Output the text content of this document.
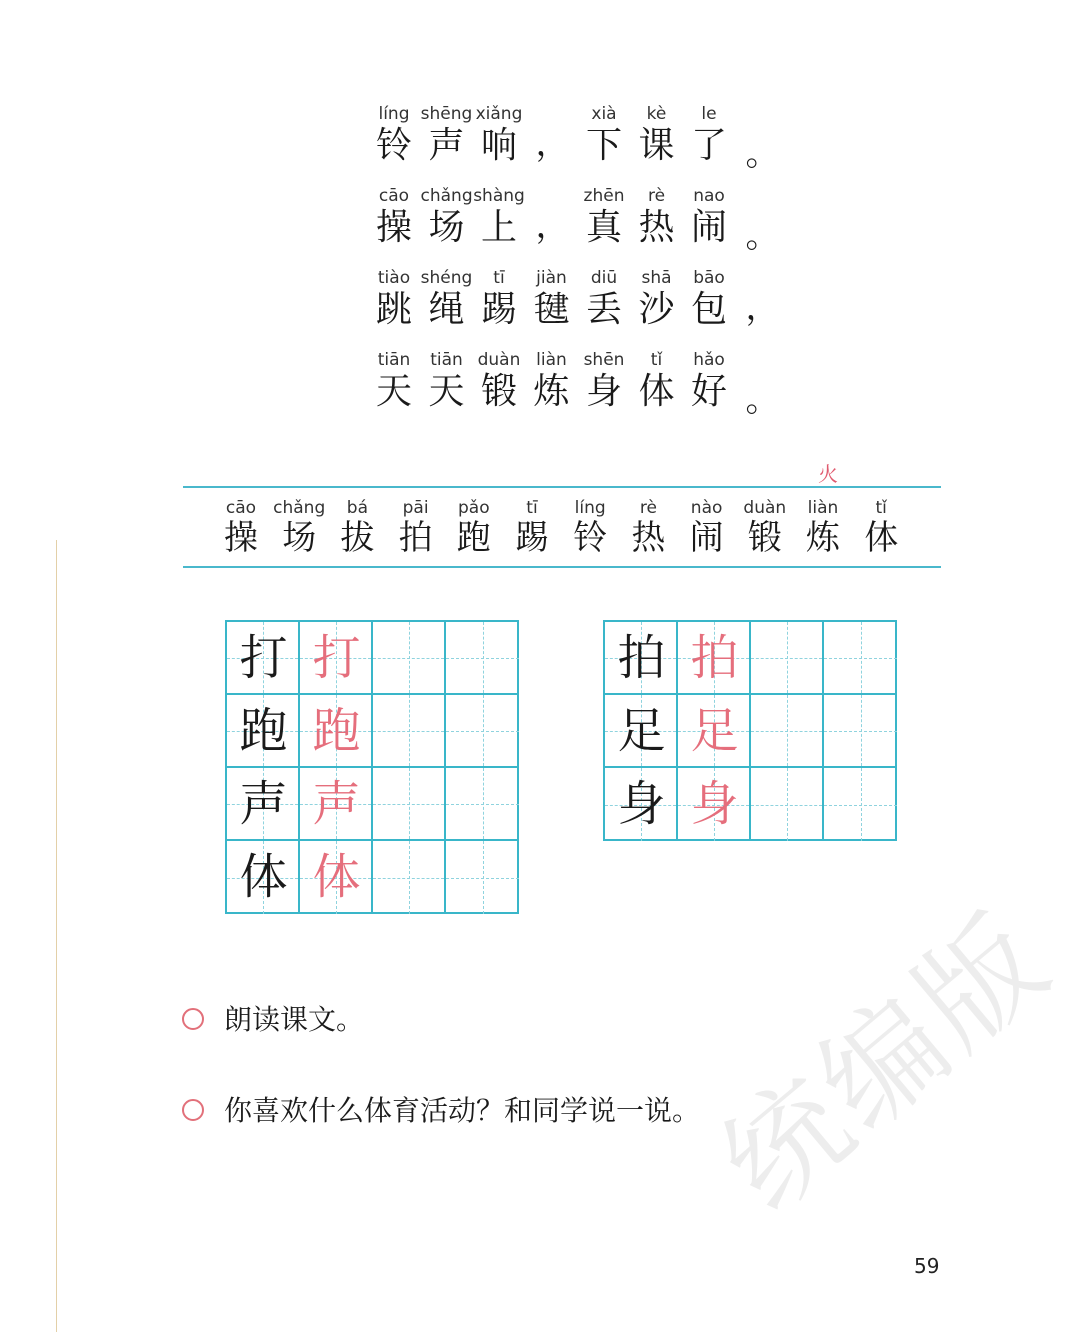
líng
铃
shēng
声
xiǎng
响 ，
xià
下
kè
课
le
了 。
cāo
操
chǎng
场
shàng
上 ，
zhēn
真
rè
热
nao
闹 。
tiào
跳
shéng
绳
tī
踢
jiàn
毽
diū
丢
shā
沙
bāo
包 ，
tiān
天
tiān
天
duàn
锻
liàn
炼
shēn
身
tǐ
体
hǎo
好 。
火
cāo
操
chǎng
场
bá
拔
pāi
拍
pǎo
跑
tī
踢
líng
铃
rè
热
nào
闹
duàn
锻
liàn
炼
tǐ
体
打 打
跑 跑
声 声
体 体
拍 拍
足 足
身 身
朗读课文。
你喜欢什么体育活动？和同学说一说。
统编版
59
